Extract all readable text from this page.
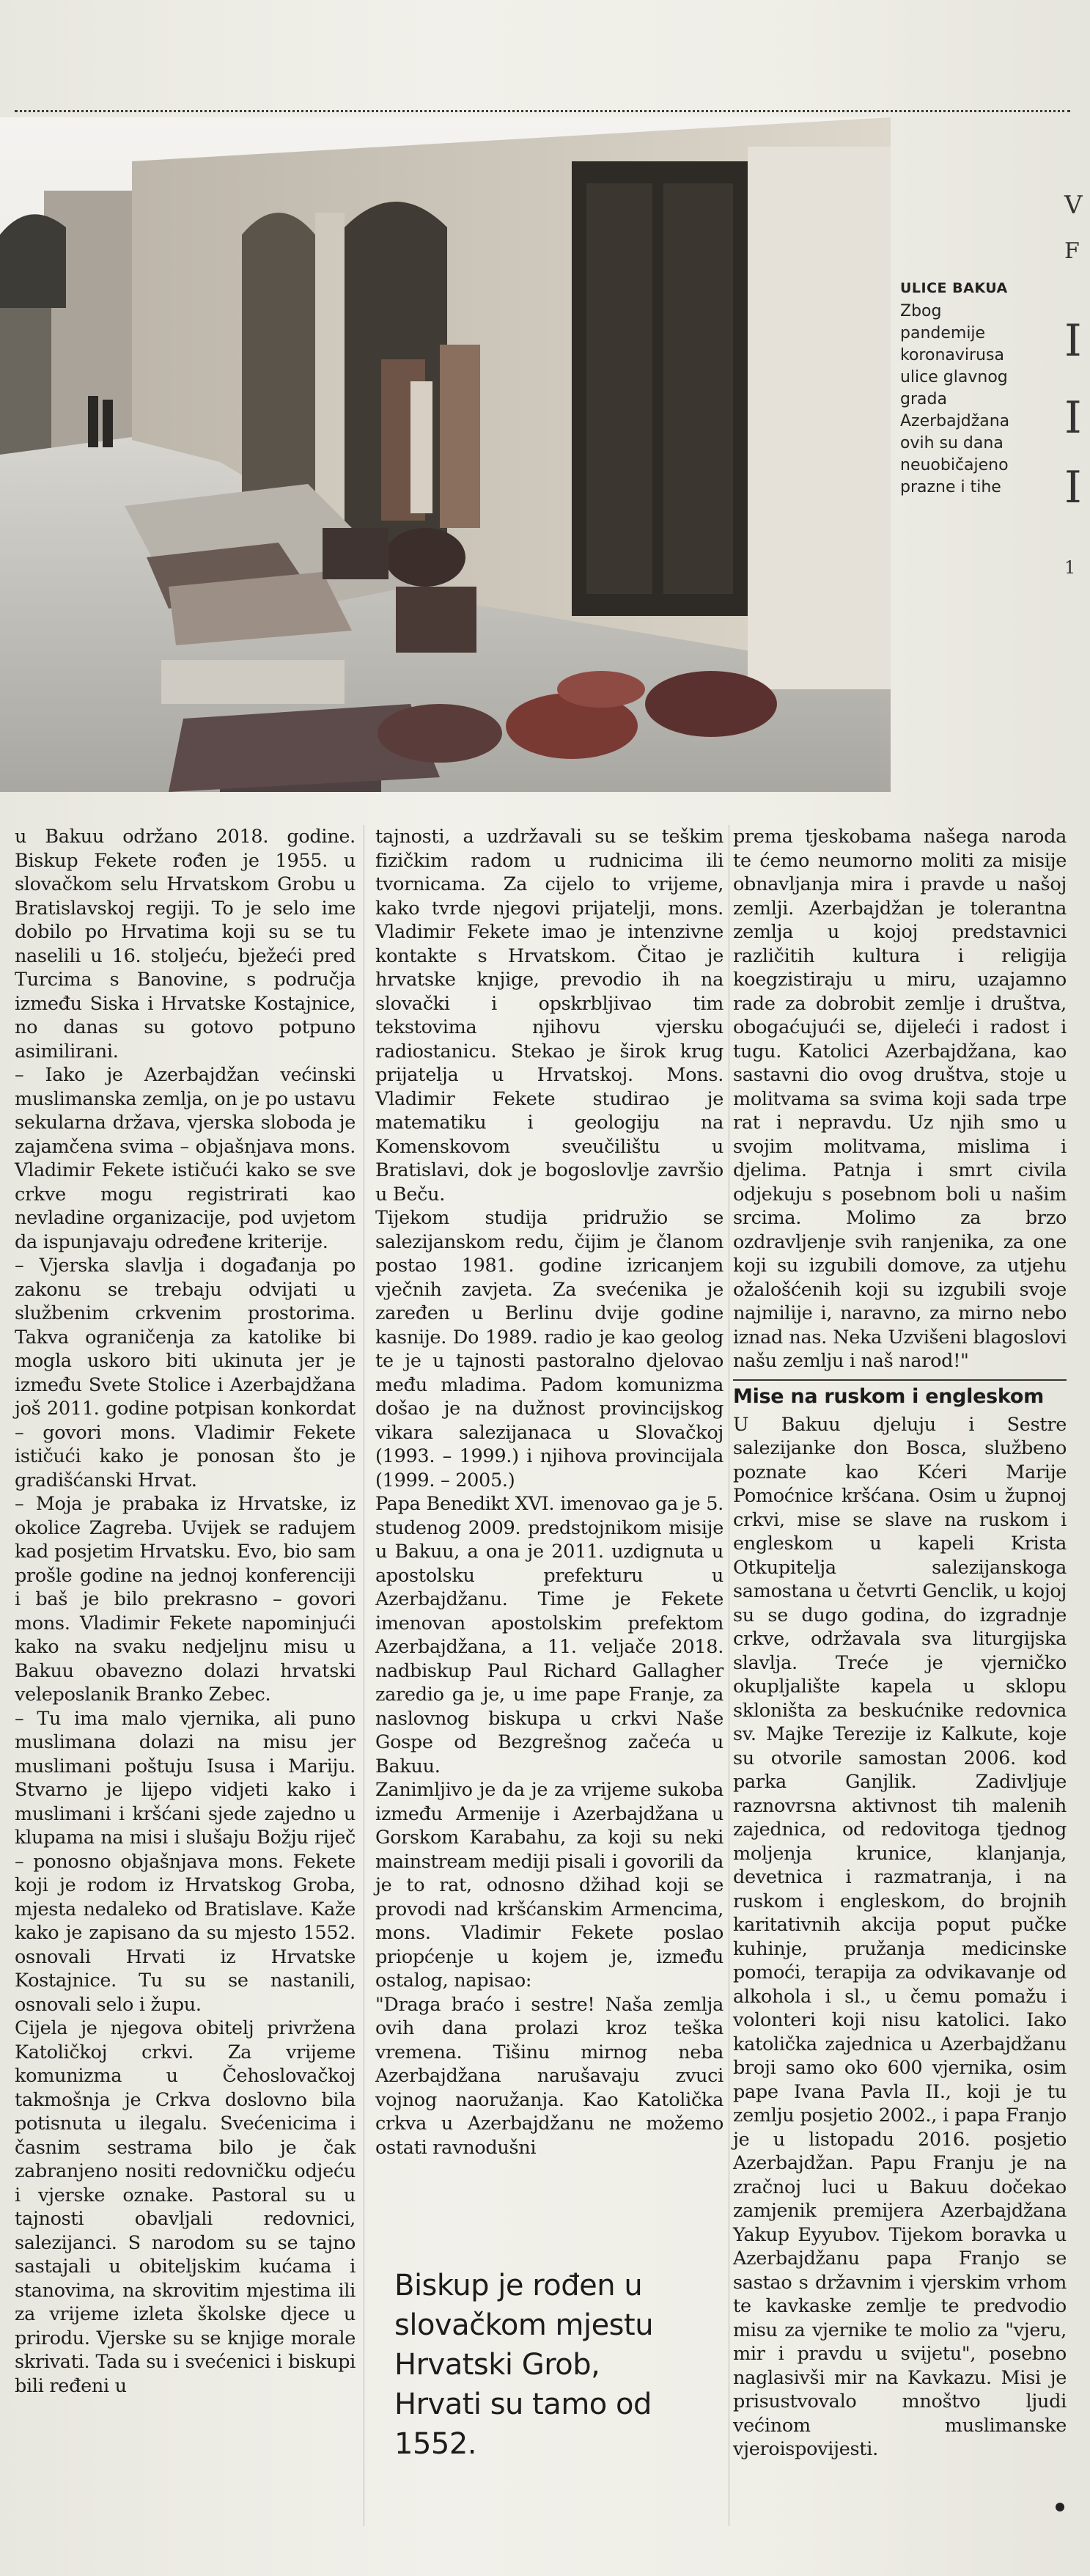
ULICE BAKUA
Zbog pandemije koronavirusa ulice glavnog grada Azerbajdžana ovih su dana neuobičajeno prazne i tihe
V
F
I
I
I
1

u Bakuu održano 2018. godine. Biskup Fekete rođen je 1955. u slovačkom selu Hrvatskom Grobu u Bratislavskoj regiji. To je selo ime dobilo po Hrvatima koji su se tu naselili u 16. stoljeću, bježeći pred Turcima s Banovine, s područja između Siska i Hrvatske Kostajnice, no danas su gotovo potpuno asimilirani.

– Iako je Azerbajdžan većinski muslimanska zemlja, on je po ustavu sekularna država, vjerska sloboda je zajamčena svima – objašnjava mons. Vladimir Fekete ističući kako se sve crkve mogu registrirati kao nevladine organizacije, pod uvjetom da ispunjavaju određene kriterije.

– Vjerska slavlja i događanja po zakonu se trebaju odvijati u službenim crkvenim prostorima. Takva ograničenja za katolike bi mogla uskoro biti ukinuta jer je između Svete Stolice i Azerbajdžana još 2011. godine potpisan konkordat – govori mons. Vladimir Fekete ističući kako je ponosan što je gradišćanski Hrvat.

– Moja je prabaka iz Hrvatske, iz okolice Zagreba. Uvijek se radujem kad posjetim Hrvatsku. Evo, bio sam prošle godine na jednoj konferenciji i baš je bilo prekrasno – govori mons. Vladimir Fekete napominjući kako na svaku nedjeljnu misu u Bakuu obavezno dolazi hrvatski veleposlanik Branko Zebec.

– Tu ima malo vjernika, ali puno muslimana dolazi na misu jer muslimani poštuju Isusa i Mariju. Stvarno je lijepo vidjeti kako i muslimani i kršćani sjede zajedno u klupama na misi i slušaju Božju riječ – ponosno objašnjava mons. Fekete koji je rodom iz Hrvatskog Groba, mjesta nedaleko od Bratislave. Kaže kako je zapisano da su mjesto 1552. osnovali Hrvati iz Hrvatske Kostajnice. Tu su se nastanili, osnovali selo i župu.

Cijela je njegova obitelj privržena Katoličkoj crkvi. Za vrijeme komunizma u Čehoslovačkoj takmošnja je Crkva doslovno bila potisnuta u ilegalu. Svećenicima i časnim sestrama bilo je čak zabranjeno nositi redovničku odjeću i vjerske oznake. Pastoral su u tajnosti obavljali redovnici, salezijanci. S narodom su se tajno sastajali u obiteljskim kućama i stanovima, na skrovitim mjestima ili za vrijeme izleta školske djece u prirodu. Vjerske su se knjige morale skrivati. Tada su i svećenici i biskupi bili ređeni u

tajnosti, a uzdržavali su se teškim fizičkim radom u rudnicima ili tvornicama. Za cijelo to vrijeme, kako tvrde njegovi prijatelji, mons. Vladimir Fekete imao je intenzivne kontakte s Hrvatskom. Čitao je hrvatske knjige, prevodio ih na slovački i opskrbljivao tim tekstovima njihovu vjersku radiostanicu. Stekao je širok krug prijatelja u Hrvatskoj. Mons. Vladimir Fekete studirao je matematiku i geologiju na Komenskovom sveučilištu u Bratislavi, dok je bogoslovlje završio u Beču.

Tijekom studija pridružio se salezijanskom redu, čijim je članom postao 1981. godine izricanjem vječnih zavjeta. Za svećenika je zaređen u Berlinu dvije godine kasnije. Do 1989. radio je kao geolog te je u tajnosti pastoralno djelovao među mladima. Padom komunizma došao je na dužnost provincijskog vikara salezijanaca u Slovačkoj (1993. – 1999.) i njihova provincijala (1999. – 2005.)

Papa Benedikt XVI. imenovao ga je 5. studenog 2009. predstojnikom misije u Bakuu, a ona je 2011. uzdignuta u apostolsku prefekturu u Azerbajdžanu. Time je Fekete imenovan apostolskim prefektom Azerbajdžana, a 11. veljače 2018. nadbiskup Paul Richard Gallagher zaredio ga je, u ime pape Franje, za naslovnog biskupa u crkvi Naše Gospe od Bezgrešnog začeća u Bakuu.

Zanimljivo je da je za vrijeme sukoba između Armenije i Azerbajdžana u Gorskom Karabahu, za koji su neki mainstream mediji pisali i govorili da je to rat, odnosno džihad koji se provodi nad kršćanskim Armencima, mons. Vladimir Fekete poslao priopćenje u kojem je, između ostalog, napisao:

"Draga braćo i sestre! Naša zemlja ovih dana prolazi kroz teška vremena. Tišinu mirnog neba Azerbajdžana narušavaju zvuci vojnog naoružanja. Kao Katolička crkva u Azerbajdžanu ne možemo ostati ravnodušni

Biskup je rođen u slovačkom mjestu Hrvatski Grob, Hrvati su tamo od 1552.

prema tjeskobama našega naroda te ćemo neumorno moliti za misije obnavljanja mira i pravde u našoj zemlji. Azerbajdžan je tolerantna zemlja u kojoj predstavnici različitih kultura i religija koegzistiraju u miru, uzajamno rade za dobrobit zemlje i društva, obogaćujući se, dijeleći i radost i tugu. Katolici Azerbajdžana, kao sastavni dio ovog društva, stoje u molitvama sa svima koji sada trpe rat i nepravdu. Uz njih smo u svojim molitvama, mislima i djelima. Patnja i smrt civila odjekuju s posebnom boli u našim srcima. Molimo za brzo ozdravljenje svih ranjenika, za one koji su izgubili domove, za utjehu ožalošćenih koji su izgubili svoje najmilije i, naravno, za mirno nebo iznad nas. Neka Uzvišeni blagoslovi našu zemlju i naš narod!"

Mise na ruskom i engleskom

U Bakuu djeluju i Sestre salezijanke don Bosca, službeno poznate kao Kćeri Marije Pomoćnice kršćana. Osim u župnoj crkvi, mise se slave na ruskom i engleskom u kapeli Krista Otkupitelja salezijanskoga samostana u četvrti Genclik, u kojoj su se dugo godina, do izgradnje crkve, održavala sva liturgijska slavlja. Treće je vjerničko okupljalište kapela u sklopu skloništa za beskućnike redovnica sv. Majke Terezije iz Kalkute, koje su otvorile samostan 2006. kod parka Ganjlik. Zadivljuje raznovrsna aktivnost tih malenih zajednica, od redovitoga tjednog moljenja krunice, klanjanja, devetnica i razmatranja, i na ruskom i engleskom, do brojnih karitativnih akcija poput pučke kuhinje, pružanja medicinske pomoći, terapija za odvikavanje od alkohola i sl., u čemu pomažu i volonteri koji nisu katolici. Iako katolička zajednica u Azerbajdžanu broji samo oko 600 vjernika, osim pape Ivana Pavla II., koji je tu zemlju posjetio 2002., i papa Franjo je u listopadu 2016. posjetio Azerbajdžan. Papu Franju je na zračnoj luci u Bakuu dočekao zamjenik premijera Azerbajdžana Yakup Eyyubov. Tijekom boravka u Azerbajdžanu papa Franjo se sastao s državnim i vjerskim vrhom te kavkaske zemlje te predvodio misu za vjernike te molio za "vjeru, mir i pravdu u svijetu", posebno naglasivši mir na Kavkazu. Misi je prisustvovalo mnoštvo ljudi većinom muslimanske vjeroispovijesti.
